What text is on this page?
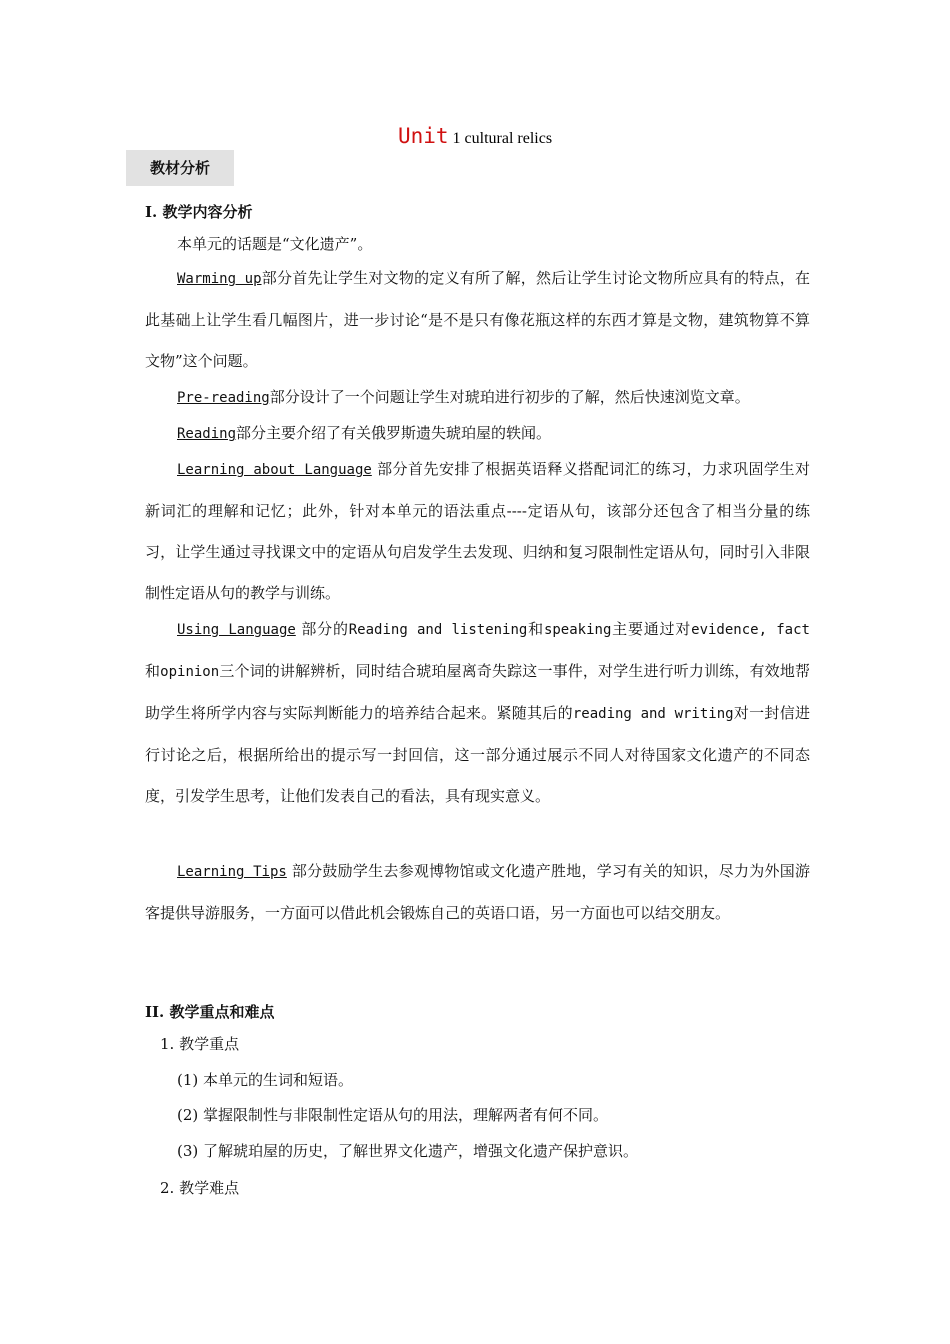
Unit 1 cultural relics
教材分析
I. 教学内容分析
本单元的话题是“文化遗产”。

Warming up部分首先让学生对文物的定义有所了解，然后让学生讨论文物所应具有的特点，在此基础上让学生看几幅图片，进一步讨论“是不是只有像花瓶这样的东西才算是文物，建筑物算不算文物”这个问题。

Pre-reading部分设计了一个问题让学生对琥珀进行初步的了解，然后快速浏览文章。

Reading部分主要介绍了有关俄罗斯遗失琥珀屋的轶闻。

Learning about Language 部分首先安排了根据英语释义搭配词汇的练习，力求巩固学生对新词汇的理解和记忆；此外，针对本单元的语法重点----定语从句，该部分还包含了相当分量的练习，让学生通过寻找课文中的定语从句启发学生去发现、归纳和复习限制性定语从句，同时引入非限制性定语从句的教学与训练。

Using Language 部分的Reading and listening和speaking主要通过对evidence, fact和opinion三个词的讲解辨析，同时结合琥珀屋离奇失踪这一事件，对学生进行听力训练，有效地帮助学生将所学内容与实际判断能力的培养结合起来。紧随其后的reading and writing对一封信进行讨论之后，根据所给出的提示写一封回信，这一部分通过展示不同人对待国家文化遗产的不同态度，引发学生思考，让他们发表自己的看法，具有现实意义。

Learning Tips 部分鼓励学生去参观博物馆或文化遗产胜地，学习有关的知识，尽力为外国游客提供导游服务，一方面可以借此机会锻炼自己的英语口语，另一方面也可以结交朋友。

II. 教学重点和难点
1. 教学重点
(1) 本单元的生词和短语。
(2) 掌握限制性与非限制性定语从句的用法，理解两者有何不同。
(3) 了解琥珀屋的历史，了解世界文化遗产，增强文化遗产保护意识。
2. 教学难点
